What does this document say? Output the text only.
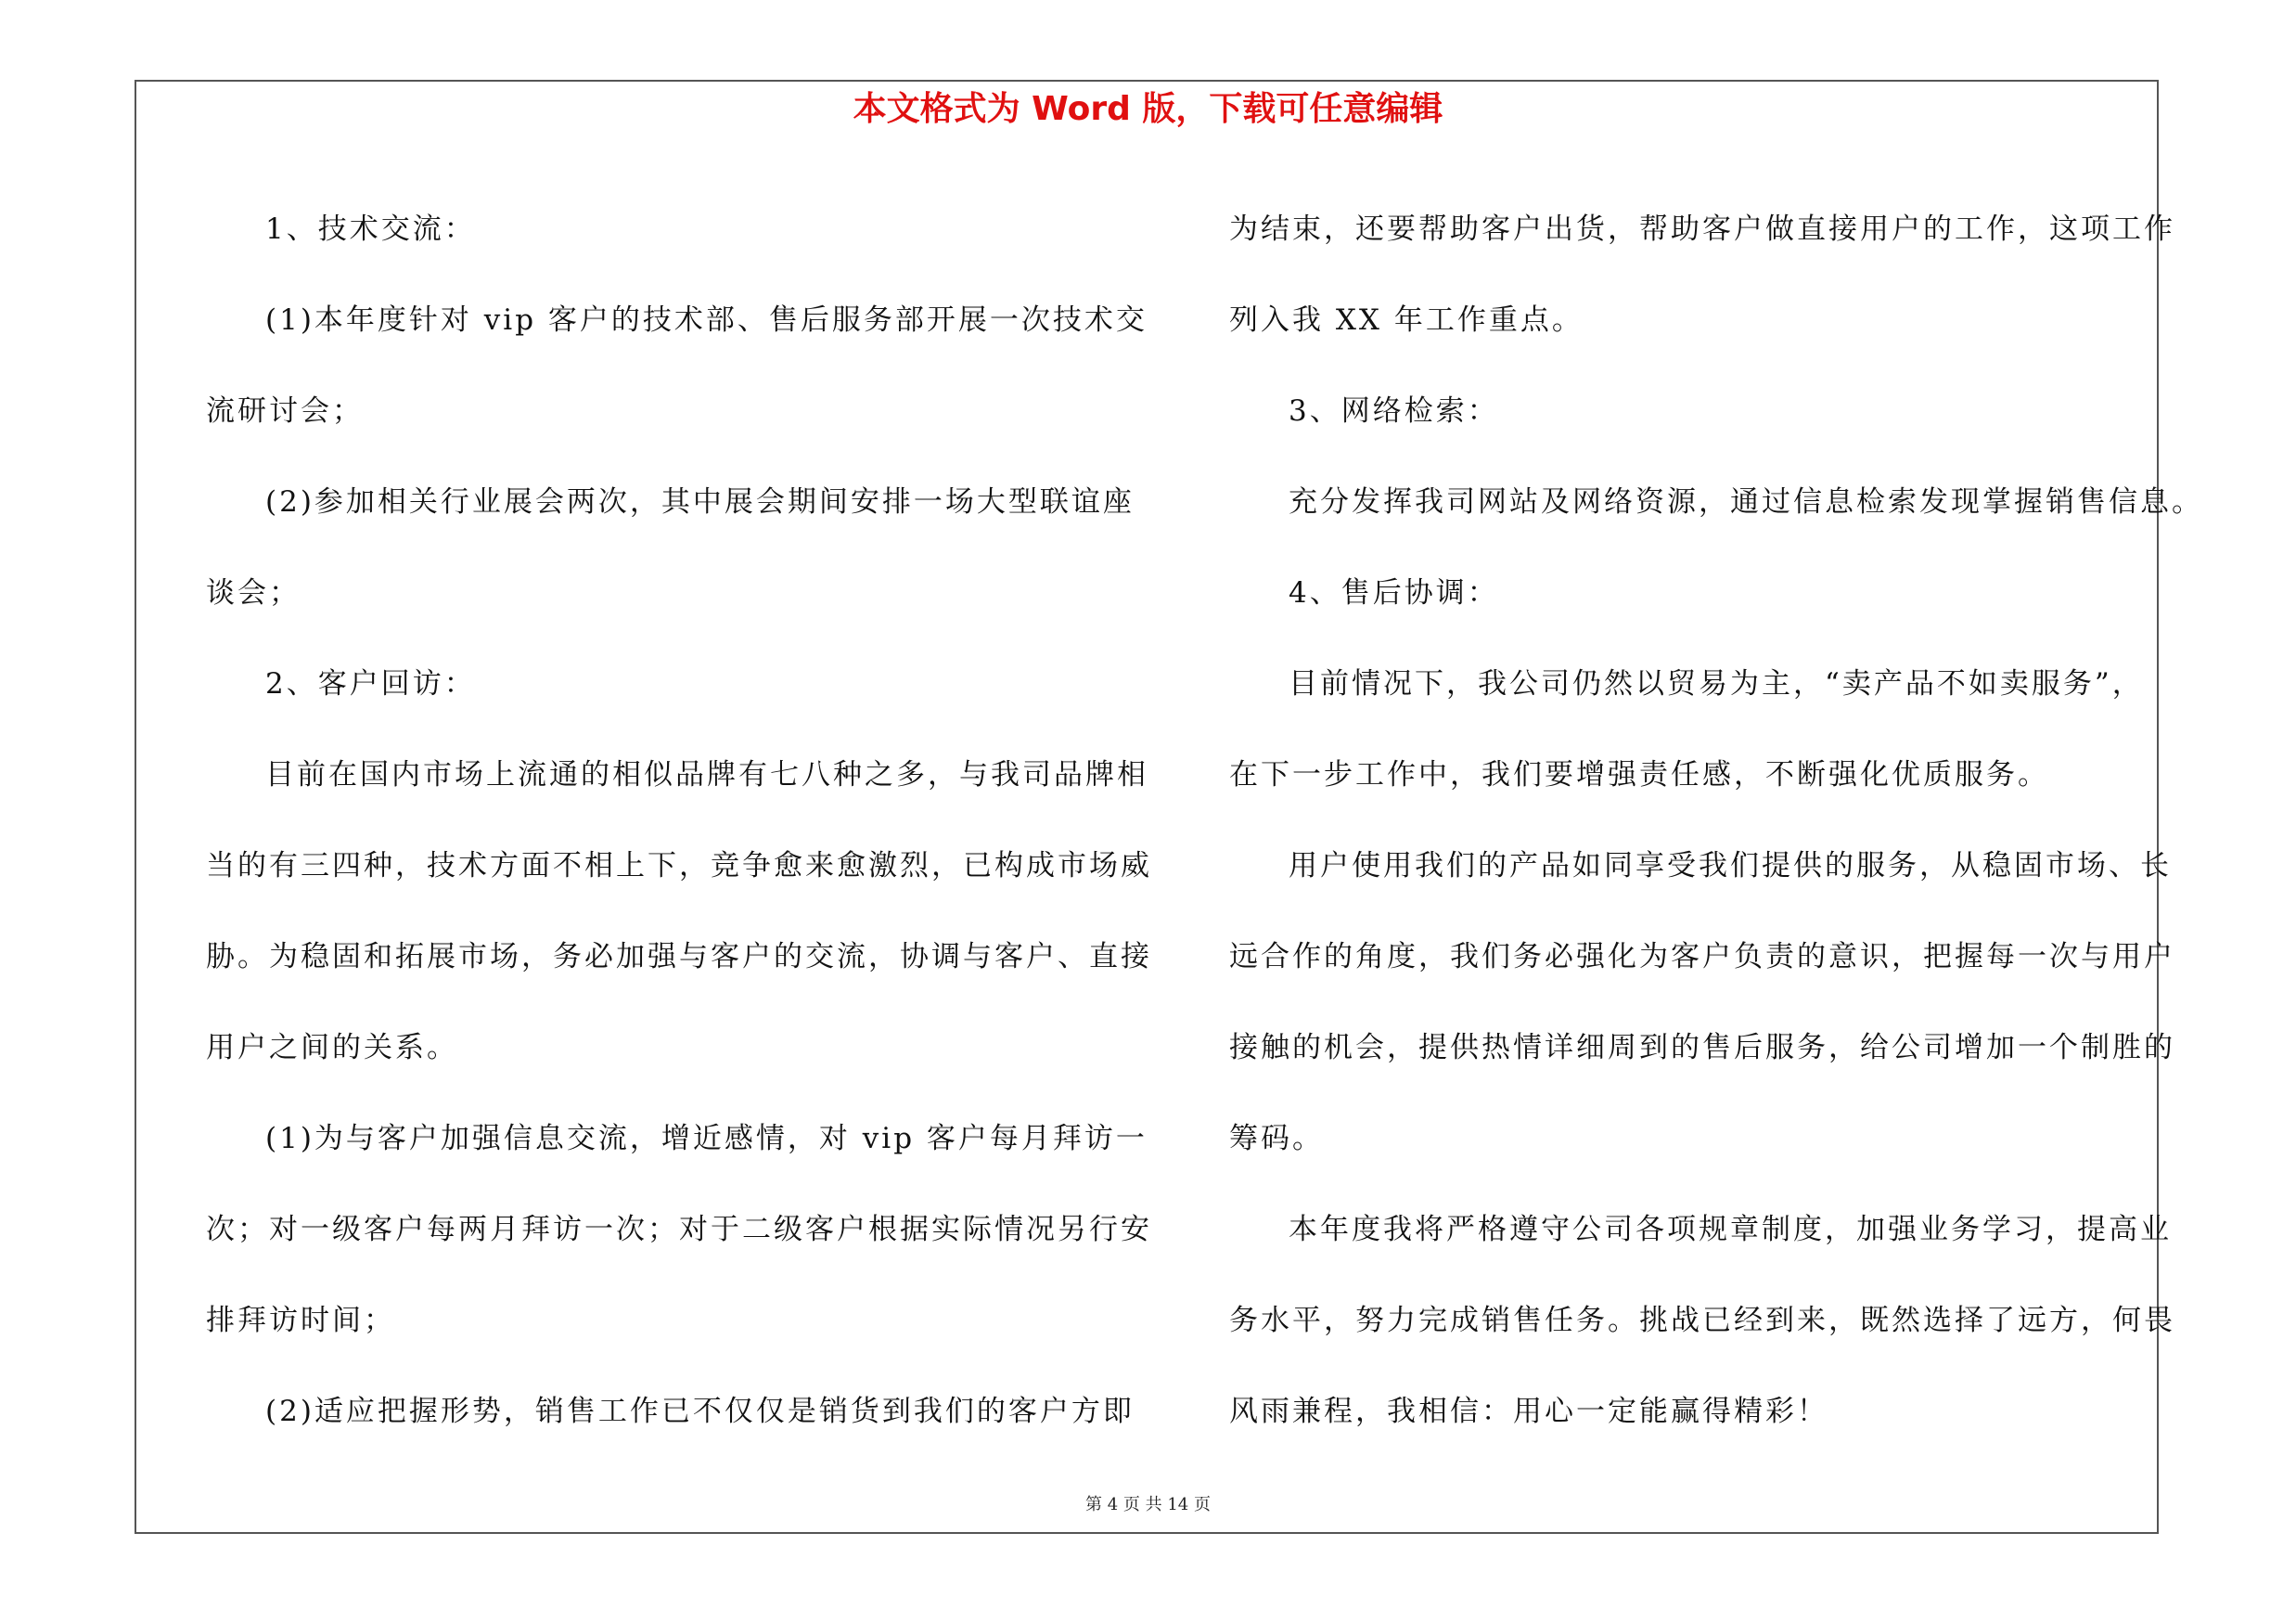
本文格式为 Word 版，下载可任意编辑
1、技术交流：
(1)本年度针对 vip 客户的技术部、售后服务部开展一次技术交
流研讨会；
(2)参加相关行业展会两次，其中展会期间安排一场大型联谊座
谈会；
2、客户回访：
目前在国内市场上流通的相似品牌有七八种之多，与我司品牌相
当的有三四种，技术方面不相上下，竞争愈来愈激烈，已构成市场威
胁。为稳固和拓展市场，务必加强与客户的交流，协调与客户、直接
用户之间的关系。
(1)为与客户加强信息交流，增近感情，对 vip 客户每月拜访一
次；对一级客户每两月拜访一次；对于二级客户根据实际情况另行安
排拜访时间；
(2)适应把握形势，销售工作已不仅仅是销货到我们的客户方即
为结束，还要帮助客户出货，帮助客户做直接用户的工作，这项工作
列入我 XX 年工作重点。
3、网络检索：
充分发挥我司网站及网络资源，通过信息检索发现掌握销售信息。
4、售后协调：
目前情况下，我公司仍然以贸易为主，“卖产品不如卖服务”，
在下一步工作中，我们要增强责任感，不断强化优质服务。
用户使用我们的产品如同享受我们提供的服务，从稳固市场、长
远合作的角度，我们务必强化为客户负责的意识，把握每一次与用户
接触的机会，提供热情详细周到的售后服务，给公司增加一个制胜的
筹码。
本年度我将严格遵守公司各项规章制度，加强业务学习，提高业
务水平，努力完成销售任务。挑战已经到来，既然选择了远方，何畏
风雨兼程，我相信：用心一定能赢得精彩！
第 4 页 共 14 页
